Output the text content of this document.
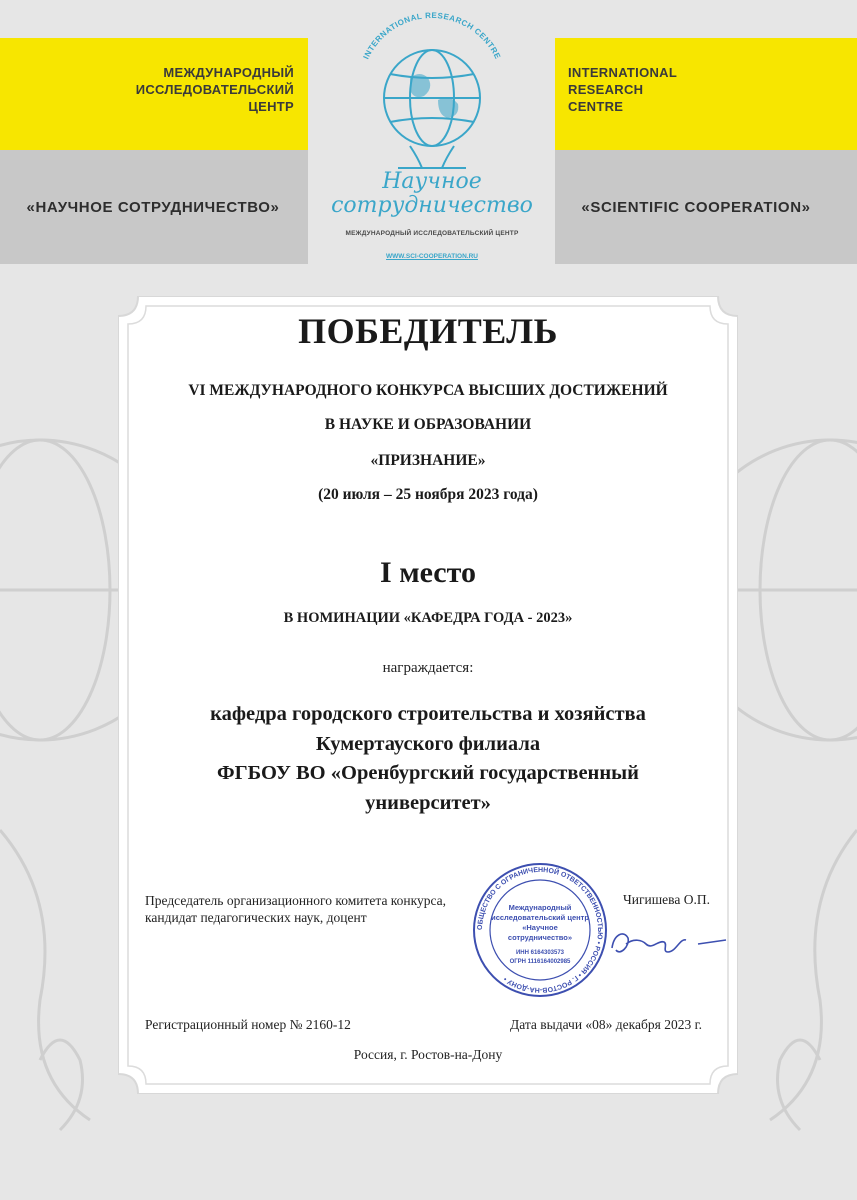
МЕЖДУНАРОДНЫЙ
ИССЛЕДОВАТЕЛЬСКИЙ
ЦЕНТР
INTERNATIONAL
RESEARCH
CENTRE
«НАУЧНОЕ СОТРУДНИЧЕСТВО»	«SCIENTIFIC COOPERATION»
INTERNATIONAL RESEARCH CENTRE
Научное
сотрудничество
МЕЖДУНАРОДНЫЙ ИССЛЕДОВАТЕЛЬСКИЙ ЦЕНТР
WWW.SCI-COOPERATION.RU
ПОБЕДИТЕЛЬ
VI МЕЖДУНАРОДНОГО КОНКУРСА ВЫСШИХ ДОСТИЖЕНИЙ
В НАУКЕ И ОБРАЗОВАНИИ
«ПРИЗНАНИЕ»
(20 июля – 25 ноября 2023 года)
I место
В НОМИНАЦИИ «КАФЕДРА ГОДА - 2023»
награждается:
кафедра городского строительства и хозяйства
Кумертауского филиала
ФГБОУ ВО «Оренбургский государственный
университет»
Председатель организационного комитета конкурса,
кандидат педагогических наук, доцент
ОБЩЕСТВО С ОГРАНИЧЕННОЙ ОТВЕТСТВЕННОСТЬЮ • РОССИЯ • Г. РОСТОВ-НА-ДОНУ •
Международный
исследовательский центр
«Научное
сотрудничество»
ИНН 6164303573
ОГРН 1116164002985
Чигишева О.П.
Регистрационный номер № 2160-12	Дата выдачи «08» декабря 2023 г.
Россия, г. Ростов-на-Дону
